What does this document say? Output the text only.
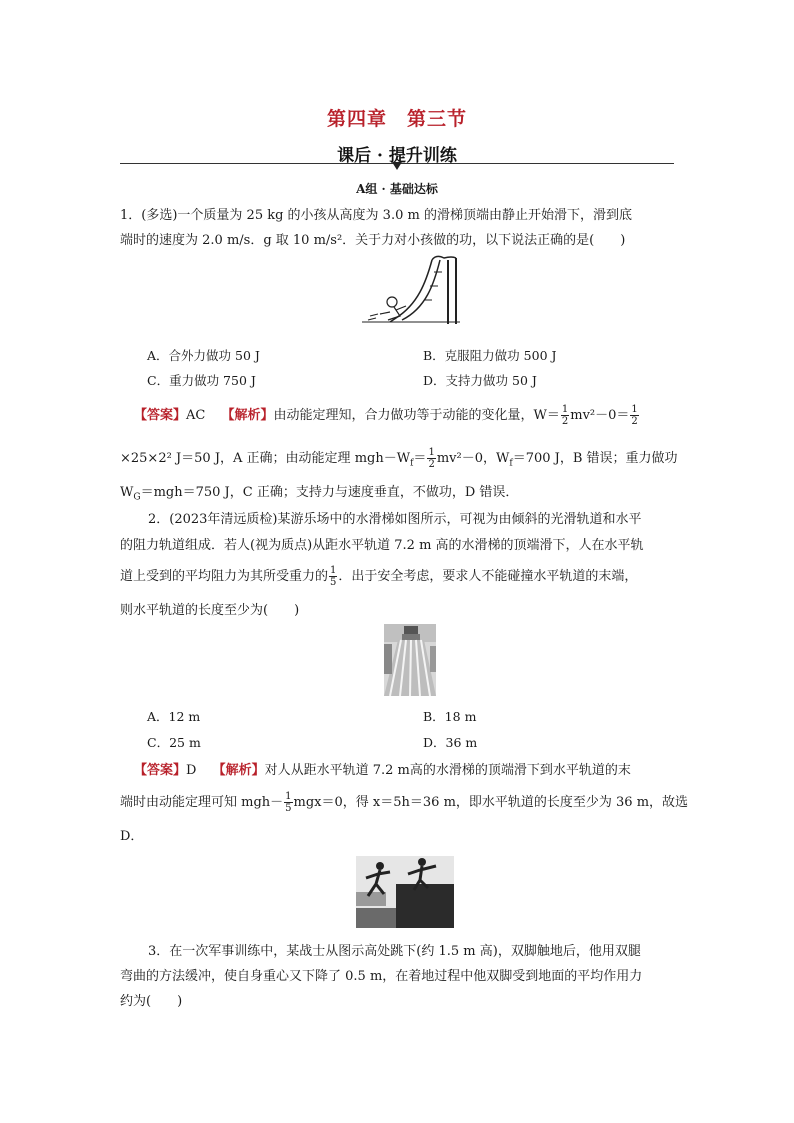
第四章 第三节
课后 · 提升训练
A组 · 基础达标
1．(多选)一个质量为 25 kg 的小孩从高度为 3.0 m 的滑梯顶端由静止开始滑下，滑到底
端时的速度为 2.0 m/s．g 取 10 m/s²．关于力对小孩做的功，以下说法正确的是(　　)
A．合外力做功 50 J	B．克服阻力做功 500 J
C．重力做功 750 J	D．支持力做功 50 J
【答案】AC 【解析】由动能定理知，合力做功等于动能的变化量，$W= \frac{1}{2} mv^2-0= \frac{1}{2}$
×25×2² J＝50 J，A 正确；由动能定理 $mgh-W_f= \frac{1}{2} mv^2-0$，$W_f=700$ J，B 错误；重力做功
$W_G=mgh=750$ J，C 正确；支持力与速度垂直，不做功，D 错误．
2．(2023年清远质检)某游乐场中的水滑梯如图所示，可视为由倾斜的光滑轨道和水平
的阻力轨道组成．若人(视为质点)从距水平轨道 7.2 m 高的水滑梯的顶端滑下，人在水平轨
道上受到的平均阻力为其所受重力的 $\frac{1}{5}$ ．出于安全考虑，要求人不能碰撞水平轨道的末端，
则水平轨道的长度至少为(　　)
A．12 m	B．18 m
C．25 m	D．36 m
【答案】D 【解析】对人从距水平轨道 7.2 m高的水滑梯的顶端滑下到水平轨道的末
端时由动能定理可知 $mgh- \frac{1}{5} mgx=0$，得 x＝5h＝36 m，即水平轨道的长度至少为 36 m，故选
D．
3．在一次军事训练中，某战士从图示高处跳下(约 1.5 m 高)，双脚触地后，他用双腿
弯曲的方法缓冲，使自身重心又下降了 0.5 m，在着地过程中他双脚受到地面的平均作用力
约为(　　)
